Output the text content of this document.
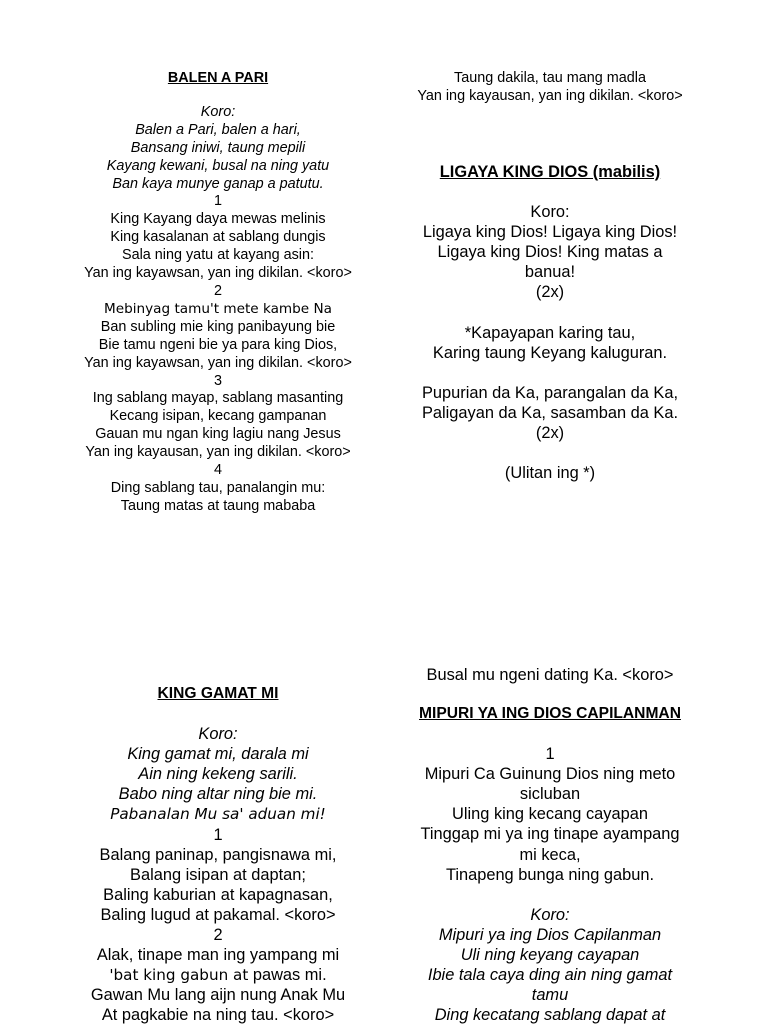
BALEN A PARI
Koro:
Balen a Pari, balen a hari,
Bansang iniwi, taung mepili
Kayang kewani, busal na ning yatu
Ban kaya munye ganap a patutu.
1
King Kayang daya mewas melinis
King kasalanan at sablang dungis
Sala ning yatu at kayang asin:
Yan ing kayawsan, yan ing dikilan. <koro>
2
Mebinyag tamu't mete kambe Na
Ban subling mie king panibayung bie
Bie tamu ngeni bie ya para king Dios,
Yan ing kayawsan, yan ing dikilan. <koro>
3
Ing sablang mayap, sablang masanting
Kecang isipan, kecang gampanan
Gauan mu ngan king lagiu nang Jesus
Yan ing kayausan, yan ing dikilan. <koro>
4
Ding sablang tau, panalangin mu:
Taung matas at taung mababa
Taung dakila, tau mang madla
Yan ing kayausan, yan ing dikilan. <koro>
LIGAYA KING DIOS (mabilis)
Koro:
Ligaya king Dios! Ligaya king Dios!
Ligaya king Dios! King matas a
banua!
(2x)
*Kapayapan karing tau,
Karing taung Keyang kaluguran.
Pupurian da Ka, parangalan da Ka,
Paligayan da Ka, sasamban da Ka.
(2x)
(Ulitan ing *)
KING GAMAT MI
Koro:
King gamat mi, darala mi
Ain ning kekeng sarili.
Babo ning altar ning bie mi.
Pabanalan Mu sa' aduan mi!
1
Balang paninap, pangisnawa mi,
Balang isipan at daptan;
Baling kaburian at kapagnasan,
Baling lugud at pakamal. <koro>
2
Alak, tinape man ing yampang mi
'bat king gabun at pawas mi.
Gawan Mu lang aijn nung Anak Mu
At pagkabie na ning tau. <koro>
Busal mu ngeni dating Ka. <koro>
MIPURI YA ING DIOS CAPILANMAN
1
Mipuri Ca Guinung Dios ning meto
sicluban
Uling king kecang cayapan
Tinggap mi ya ing tinape ayampang
mi keca,
Tinapeng bunga ning gabun.
Koro:
Mipuri ya ing Dios Capilanman
Uli ning keyang cayapan
Ibie tala caya ding ain ning gamat
tamu
Ding kecatang sablang dapat at
